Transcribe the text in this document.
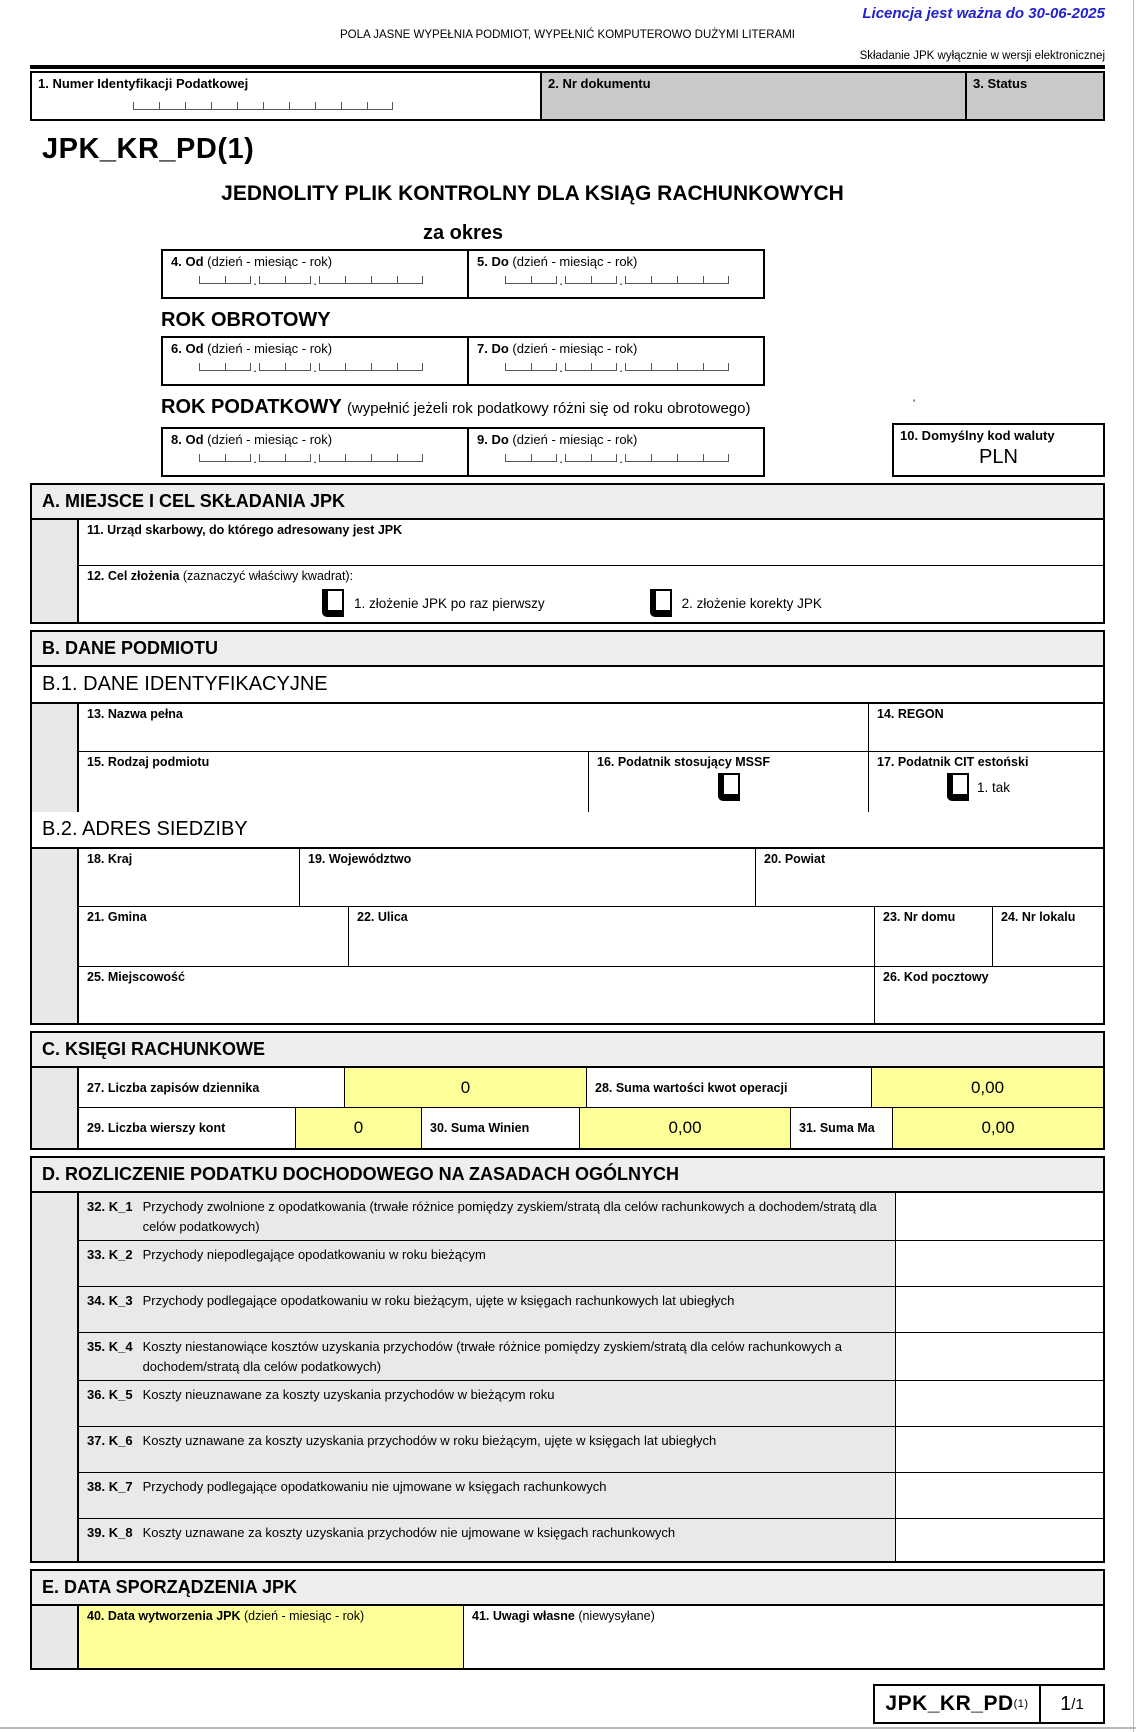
Licencja jest ważna do 30-06-2025
POLA JASNE WYPEŁNIA PODMIOT, WYPEŁNIĆ KOMPUTEROWO DUŻYMI LITERAMI
Składanie JPK wyłącznie w wersji elektronicznej
1. Numer Identyfikacji Podatkowej	2. Nr dokumentu	3. Status
JPK_KR_PD(1)
JEDNOLITY PLIK KONTROLNY DLA KSIĄG RACHUNKOWYCH
za okres
4. Od (dzień - miesiąc - rok)
.	.
5. Do (dzień - miesiąc - rok)
.	.
ROK OBROTOWY
6. Od (dzień - miesiąc - rok)
.	.
7. Do (dzień - miesiąc - rok)
.	.
ROK PODATKOWY (wypełnić jeżeli rok podatkowy różni się od roku obrotowego)	'
8. Od (dzień - miesiąc - rok)
.	.
9. Do (dzień - miesiąc - rok)
.	.
10. Domyślny kod waluty
PLN
A. MIEJSCE I CEL SKŁADANIA JPK
11. Urząd skarbowy, do którego adresowany jest JPK
12. Cel złożenia (zaznaczyć właściwy kwadrat):
1. złożenie JPK po raz pierwszy	2. złożenie korekty JPK
B. DANE PODMIOTU
B.1. DANE IDENTYFIKACYJNE
13. Nazwa pełna	14. REGON
15. Rodzaj podmiotu	16. Podatnik stosujący MSSF	17. Podatnik CIT estoński
1. tak
B.2. ADRES SIEDZIBY
18. Kraj	19. Województwo	20. Powiat
21. Gmina	22. Ulica	23. Nr domu	24. Nr lokalu
25. Miejscowość	26. Kod pocztowy
C. KSIĘGI RACHUNKOWE
27. Liczba zapisów dziennika	0	28. Suma wartości kwot operacji	0,00
29. Liczba wierszy kont	0	30. Suma Winien	0,00	31. Suma Ma	0,00
D. ROZLICZENIE PODATKU DOCHODOWEGO NA ZASADACH OGÓLNYCH
32. K_1 Przychody zwolnione z opodatkowania (trwałe różnice pomiędzy zyskiem/stratą dla celów rachunkowych a dochodem/stratą dla celów podatkowych)
33. K_2 Przychody niepodlegające opodatkowaniu w roku bieżącym
34. K_3 Przychody podlegające opodatkowaniu w roku bieżącym, ujęte w księgach rachunkowych lat ubiegłych
35. K_4 Koszty niestanowiące kosztów uzyskania przychodów (trwałe różnice pomiędzy zyskiem/stratą dla celów rachunkowych a dochodem/stratą dla celów podatkowych)
36. K_5 Koszty nieuznawane za koszty uzyskania przychodów w bieżącym roku
37. K_6 Koszty uznawane za koszty uzyskania przychodów w roku bieżącym, ujęte w księgach lat ubiegłych
38. K_7 Przychody podlegające opodatkowaniu nie ujmowane w księgach rachunkowych
39. K_8 Koszty uznawane za koszty uzyskania przychodów nie ujmowane w księgach rachunkowych
E. DATA SPORZĄDZENIA JPK
40. Data wytworzenia JPK (dzień - miesiąc - rok)	41. Uwagi własne (niewysyłane)
JPK_KR_PD (1) 1 /1
